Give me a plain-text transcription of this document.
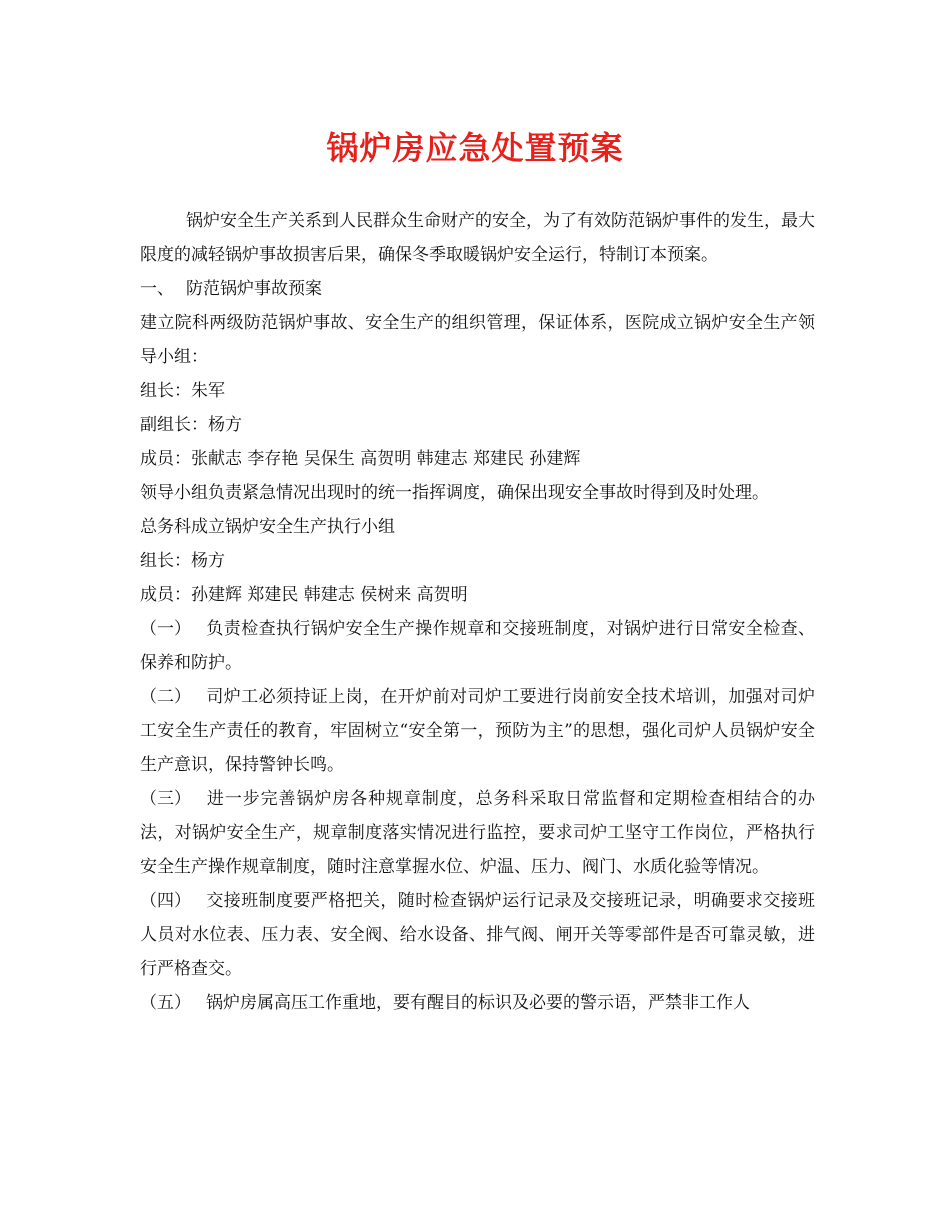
锅炉房应急处置预案

锅炉安全生产关系到人民群众生命财产的安全，为了有效防范锅炉事件的发生，最大限度的减轻锅炉事故损害后果，确保冬季取暖锅炉安全运行，特制订本预案。

一、 防范锅炉事故预案

建立院科两级防范锅炉事故、安全生产的组织管理，保证体系，医院成立锅炉安全生产领导小组：

组长：朱军

副组长：杨方

成员：张献志 李存艳 吴保生 高贺明 韩建志 郑建民 孙建辉

领导小组负责紧急情况出现时的统一指挥调度，确保出现安全事故时得到及时处理。

总务科成立锅炉安全生产执行小组

组长：杨方

成员：孙建辉 郑建民 韩建志 侯树来 高贺明

（一） 负责检查执行锅炉安全生产操作规章和交接班制度，对锅炉进行日常安全检查、保养和防护。

（二） 司炉工必须持证上岗，在开炉前对司炉工要进行岗前安全技术培训，加强对司炉工安全生产责任的教育，牢固树立“安全第一，预防为主”的思想，强化司炉人员锅炉安全生产意识，保持警钟长鸣。

（三） 进一步完善锅炉房各种规章制度，总务科采取日常监督和定期检查相结合的办法，对锅炉安全生产，规章制度落实情况进行监控，要求司炉工坚守工作岗位，严格执行安全生产操作规章制度，随时注意掌握水位、炉温、压力、阀门、水质化验等情况。

（四） 交接班制度要严格把关，随时检查锅炉运行记录及交接班记录，明确要求交接班人员对水位表、压力表、安全阀、给水设备、排气阀、闸开关等零部件是否可靠灵敏，进行严格查交。

（五） 锅炉房属高压工作重地，要有醒目的标识及必要的警示语，严禁非工作人
